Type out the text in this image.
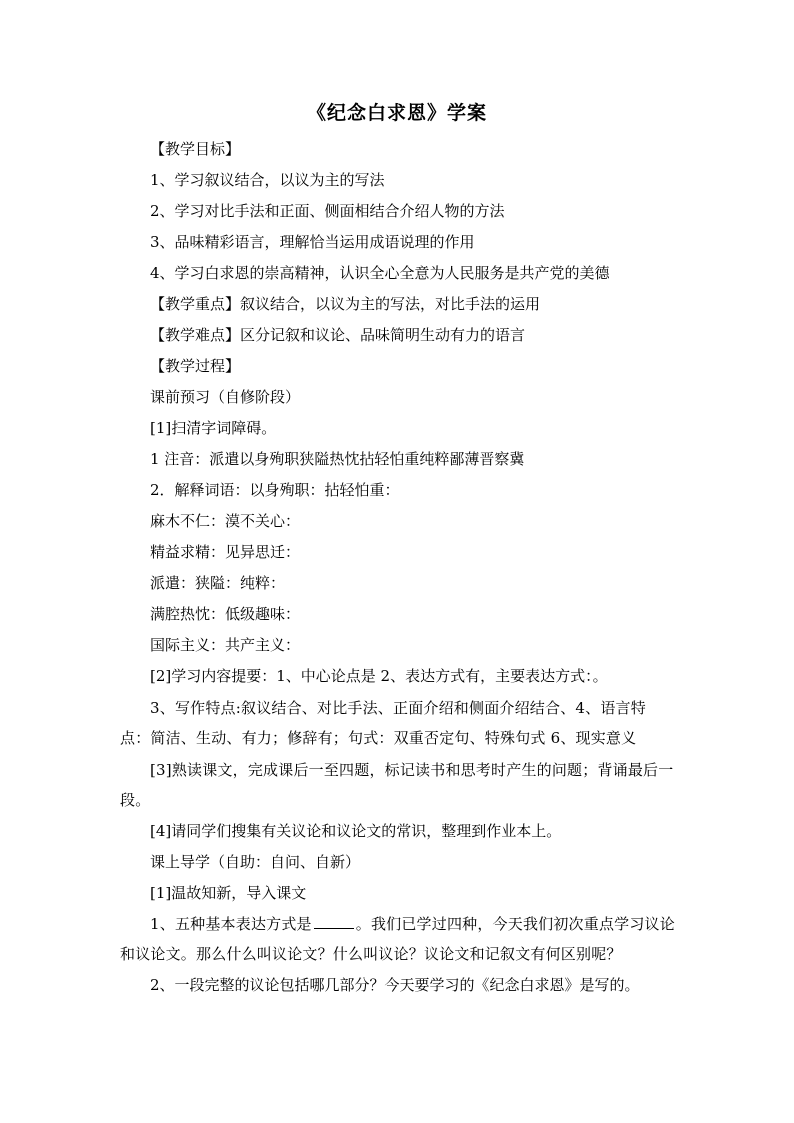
《纪念白求恩》学案
【教学目标】
1、学习叙议结合，以议为主的写法
2、学习对比手法和正面、侧面相结合介绍人物的方法
3、品味精彩语言，理解恰当运用成语说理的作用
4、学习白求恩的崇高精神，认识全心全意为人民服务是共产党的美德
【教学重点】叙议结合，以议为主的写法，对比手法的运用
【教学难点】区分记叙和议论、品味简明生动有力的语言
【教学过程】
课前预习（自修阶段）
[1]扫清字词障碍。
1 注音：派遣以身殉职狭隘热忱拈轻怕重纯粹鄙薄晋察冀
2．解释词语：以身殉职：拈轻怕重：
麻木不仁：漠不关心：
精益求精：见异思迁：
派遣：狭隘：纯粹：
满腔热忱：低级趣味：
国际主义：共产主义：
[2]学习内容提要：1、中心论点是 2、表达方式有，主要表达方式：。
3、写作特点:叙议结合、对比手法、正面介绍和侧面介绍结合、4、语言特点：简洁、生动、有力；修辞有；句式：双重否定句、特殊句式 6、现实意义
[3]熟读课文，完成课后一至四题，标记读书和思考时产生的问题；背诵最后一段。
[4]请同学们搜集有关议论和议论文的常识，整理到作业本上。
课上导学（自助：自问、自新）
[1]温故知新，导入课文
1、五种基本表达方式是	。我们已学过四种，今天我们初次重点学习议论和议论文。那么什么叫议论文？什么叫议论？议论文和记叙文有何区别呢？
2、一段完整的议论包括哪几部分？今天要学习的《纪念白求恩》是写的。
